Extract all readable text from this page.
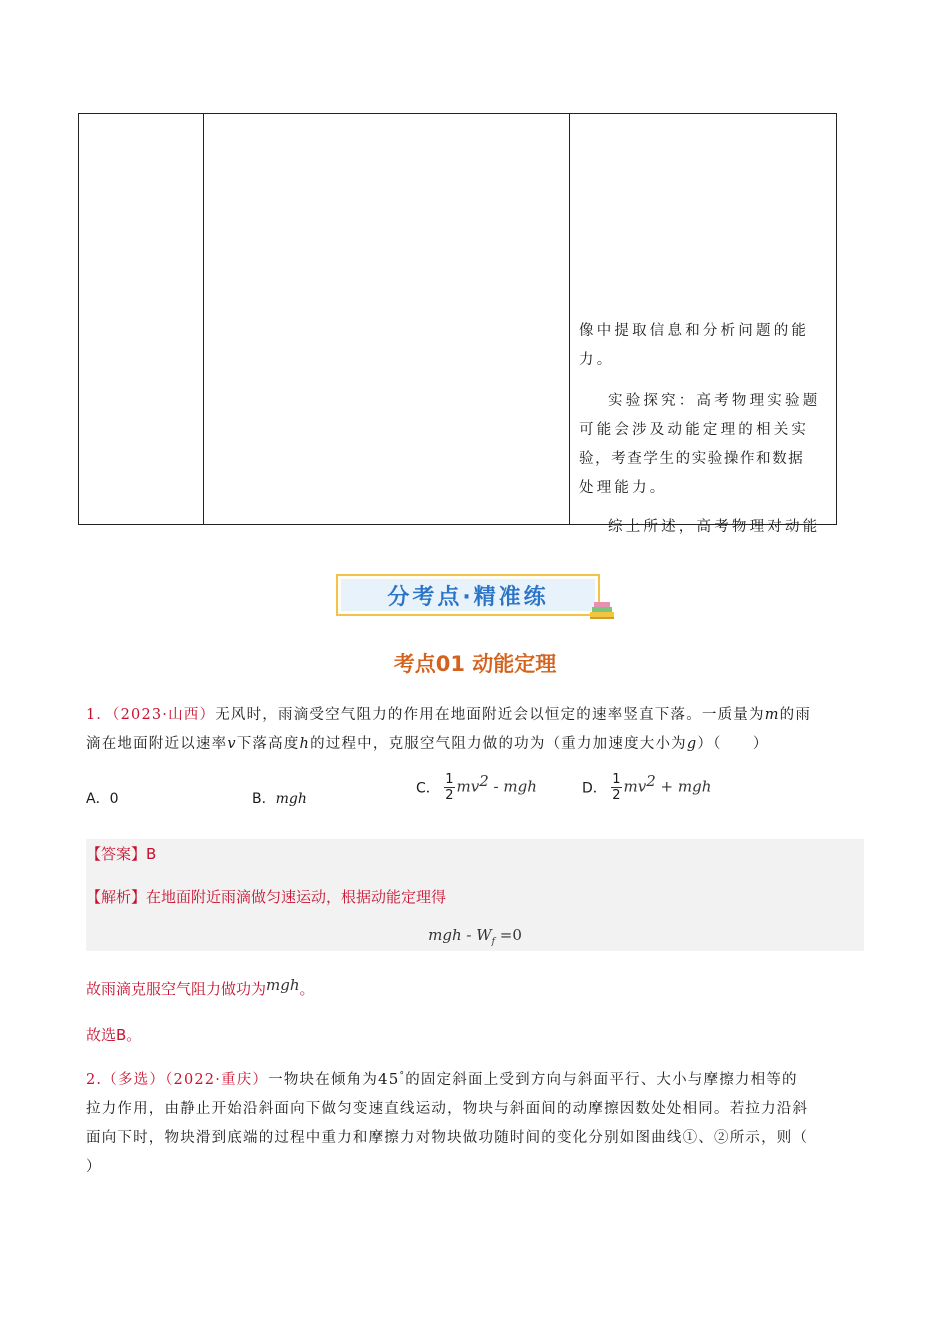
像中提取信息和分析问题的能

力。

实验探究：高考物理实验题

可能会涉及动能定理的相关实

验，考查学生的实验操作和数据

处理能力。

综上所述，高考物理对动能

分考点·精准练
考点01 动能定理
1．（2023·山西）无风时，雨滴受空气阻力的作用在地面附近会以恒定的速率竖直下落。一质量为m的雨
滴在地面附近以速率v下落高度h的过程中，克服空气阻力做的功为（重力加速度大小为g）（　　）
A．0	B．mgh
C． $\frac{1}{2} mv^2$ - mgh	D． $\frac{1}{2} mv^2$ + mgh
【答案】B
【解析】在地面附近雨滴做匀速运动，根据动能定理得
mgh - $W_f =0$
故雨滴克服空气阻力做功为mgh。
故选B。
2.（多选）（2022·重庆）一物块在倾角为45°的固定斜面上受到方向与斜面平行、大小与摩擦力相等的
拉力作用，由静止开始沿斜面向下做匀变速直线运动，物块与斜面间的动摩擦因数处处相同。若拉力沿斜
面向下时，物块滑到底端的过程中重力和摩擦力对物块做功随时间的变化分别如图曲线①、②所示，则（
）
